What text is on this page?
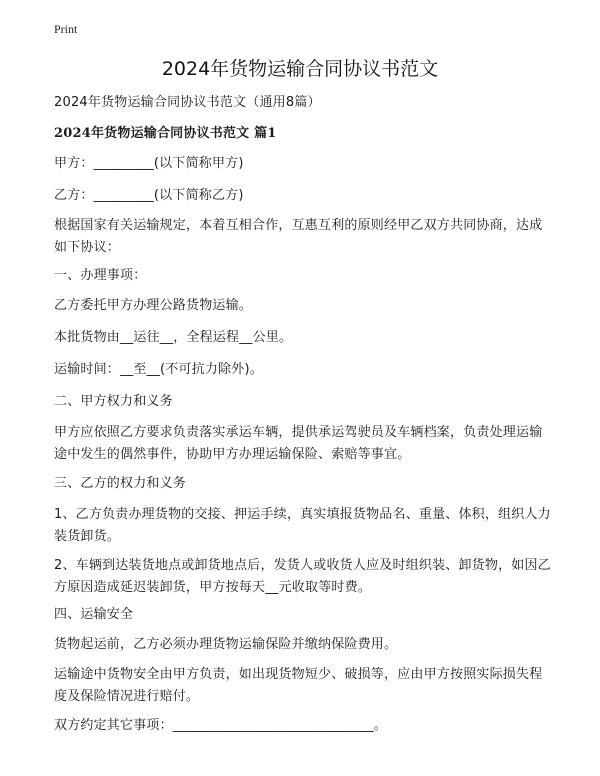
Print
2024年货物运输合同协议书范文
2024年货物运输合同协议书范文（通用8篇）
2024年货物运输合同协议书范文 篇1
甲方：_________(以下简称甲方)
乙方：_________(以下简称乙方)
根据国家有关运输规定，本着互相合作，互惠互利的原则经甲乙双方共同协商，达成如下协议：
一、办理事项：
乙方委托甲方办理公路货物运输。
本批货物由__运往__，全程运程__公里。
运输时间：__至__(不可抗力除外)。
二、甲方权力和义务
甲方应依照乙方要求负责落实承运车辆，提供承运驾驶员及车辆档案，负责处理运输途中发生的偶然事件，协助甲方办理运输保险、索赔等事宜。
三、乙方的权力和义务
1、乙方负责办理货物的交接、押运手续，真实填报货物品名、重量、体积，组织人力装货卸货。
2、车辆到达装货地点或卸货地点后，发货人或收货人应及时组织装、卸货物，如因乙方原因造成延迟装卸货，甲方按每天__元收取等时费。
四、运输安全
货物起运前，乙方必须办理货物运输保险并缴纳保险费用。
运输途中货物安全由甲方负责，如出现货物短少、破损等，应由甲方按照实际损失程度及保险情况进行赔付。
双方约定其它事项：______________________________。
